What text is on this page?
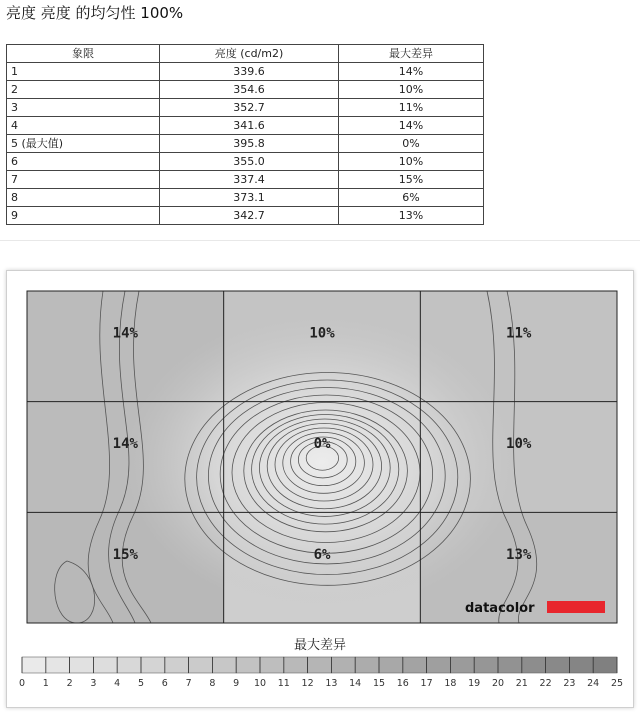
亮度 亮度 的均匀性 100%
象限	亮度 (cd/m2)	最大差异
1	339.6	14%
2	354.6	10%
3	352.7	11%
4	341.6	14%
5 (最大值)	395.8	0%
6	355.0	10%
7	337.4	15%
8	373.1	6%
9	342.7	13%
14%	10%	11%
14%	0%	10%
15%	6%	13%
datacolor
最大差异
0 1 2 3 4 5 6 7 8 9 10 11 12 13 14 15 16 17 18 19 20 21 22 23 24 25
